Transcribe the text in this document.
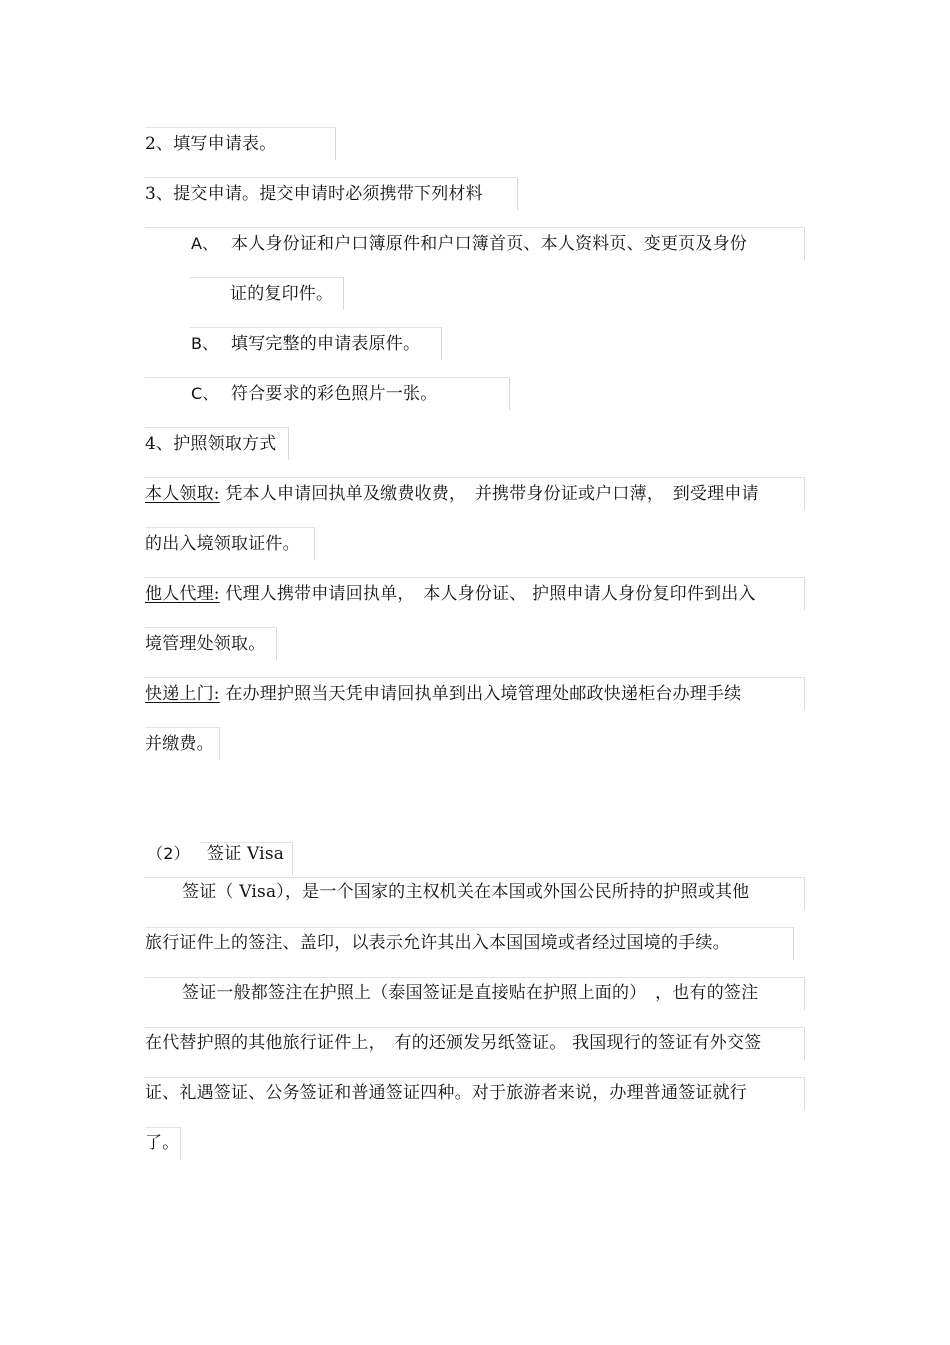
2、填写申请表。
3、提交申请。提交申请时必须携带下列材料
A、 本人身份证和户口簿原件和户口簿首页、本人资料页、变更页及身份
证的复印件。
B、 填写完整的申请表原件。
C、 符合要求的彩色照片一张。
4、护照领取方式
本人领取: 凭本人申请回执单及缴费收费，　并携带身份证或户口薄，　到受理申请
的出入境领取证件。
他人代理: 代理人携带申请回执单，　本人身份证、 护照申请人身份复印件到出入
境管理处领取。
快递上门: 在办理护照当天凭申请回执单到出入境管理处邮政快递柜台办理手续
并缴费。
（2） 签证 Visa
签证（ Visa），是一个国家的主权机关在本国或外国公民所持的护照或其他
旅行证件上的签注、盖印，以表示允许其出入本国国境或者经过国境的手续。
签证一般都签注在护照上（泰国签证是直接贴在护照上面的）　，也有的签注
在代替护照的其他旅行证件上，　有的还颁发另纸签证。 我国现行的签证有外交签
证、礼遇签证、公务签证和普通签证四种。对于旅游者来说，办理普通签证就行
了。
